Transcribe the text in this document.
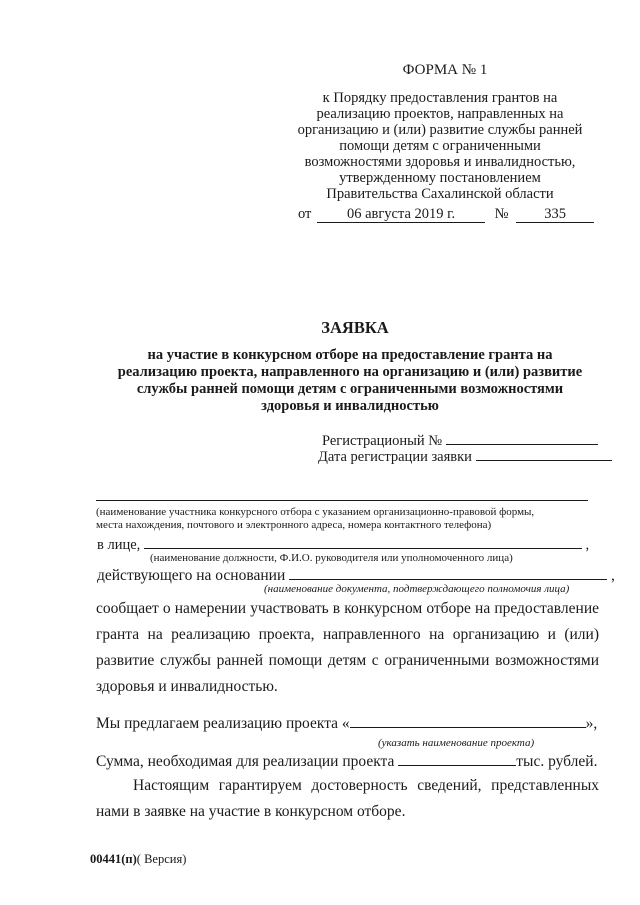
ФОРМА № 1
к Порядку предоставления грантов на
реализацию проектов, направленных на
организацию и (или) развитие службы ранней
помощи детям с ограниченными
возможностями здоровья и инвалидностью,
утвержденному постановлением
Правительства Сахалинской области
от 06 августа 2019 г.	№ 335
ЗАЯВКА
на участие в конкурсном отборе на предоставление гранта на
реализацию проекта, направленного на организацию и (или) развитие
службы ранней помощи детям с ограниченными возможностями
здоровья и инвалидностью
Регистрационый №
Дата регистрации заявки
(наименование участника конкурсного отбора с указанием организационно-правовой формы,
места нахождения, почтового и электронного адреса, номера контактного телефона)
в лице,	,
(наименование должности, Ф.И.О. руководителя или уполномоченного лица)
действующего на основании	,
(наименование документа, подтверждающего полномочия лица)
сообщает о намерении участвовать в конкурсном отборе на предоставление
гранта на реализацию проекта, направленного на организацию и (или)
развитие службы ранней помощи детям с ограниченными возможностями
здоровья и инвалидностью.
Мы предлагаем реализацию проекта «	»,
(указать наименование проекта)
Сумма, необходимая для реализации проекта	тыс. рублей.
Настоящим гарантируем достоверность сведений, представленных
нами в заявке на участие в конкурсном отборе.
00441(п)( Версия)
